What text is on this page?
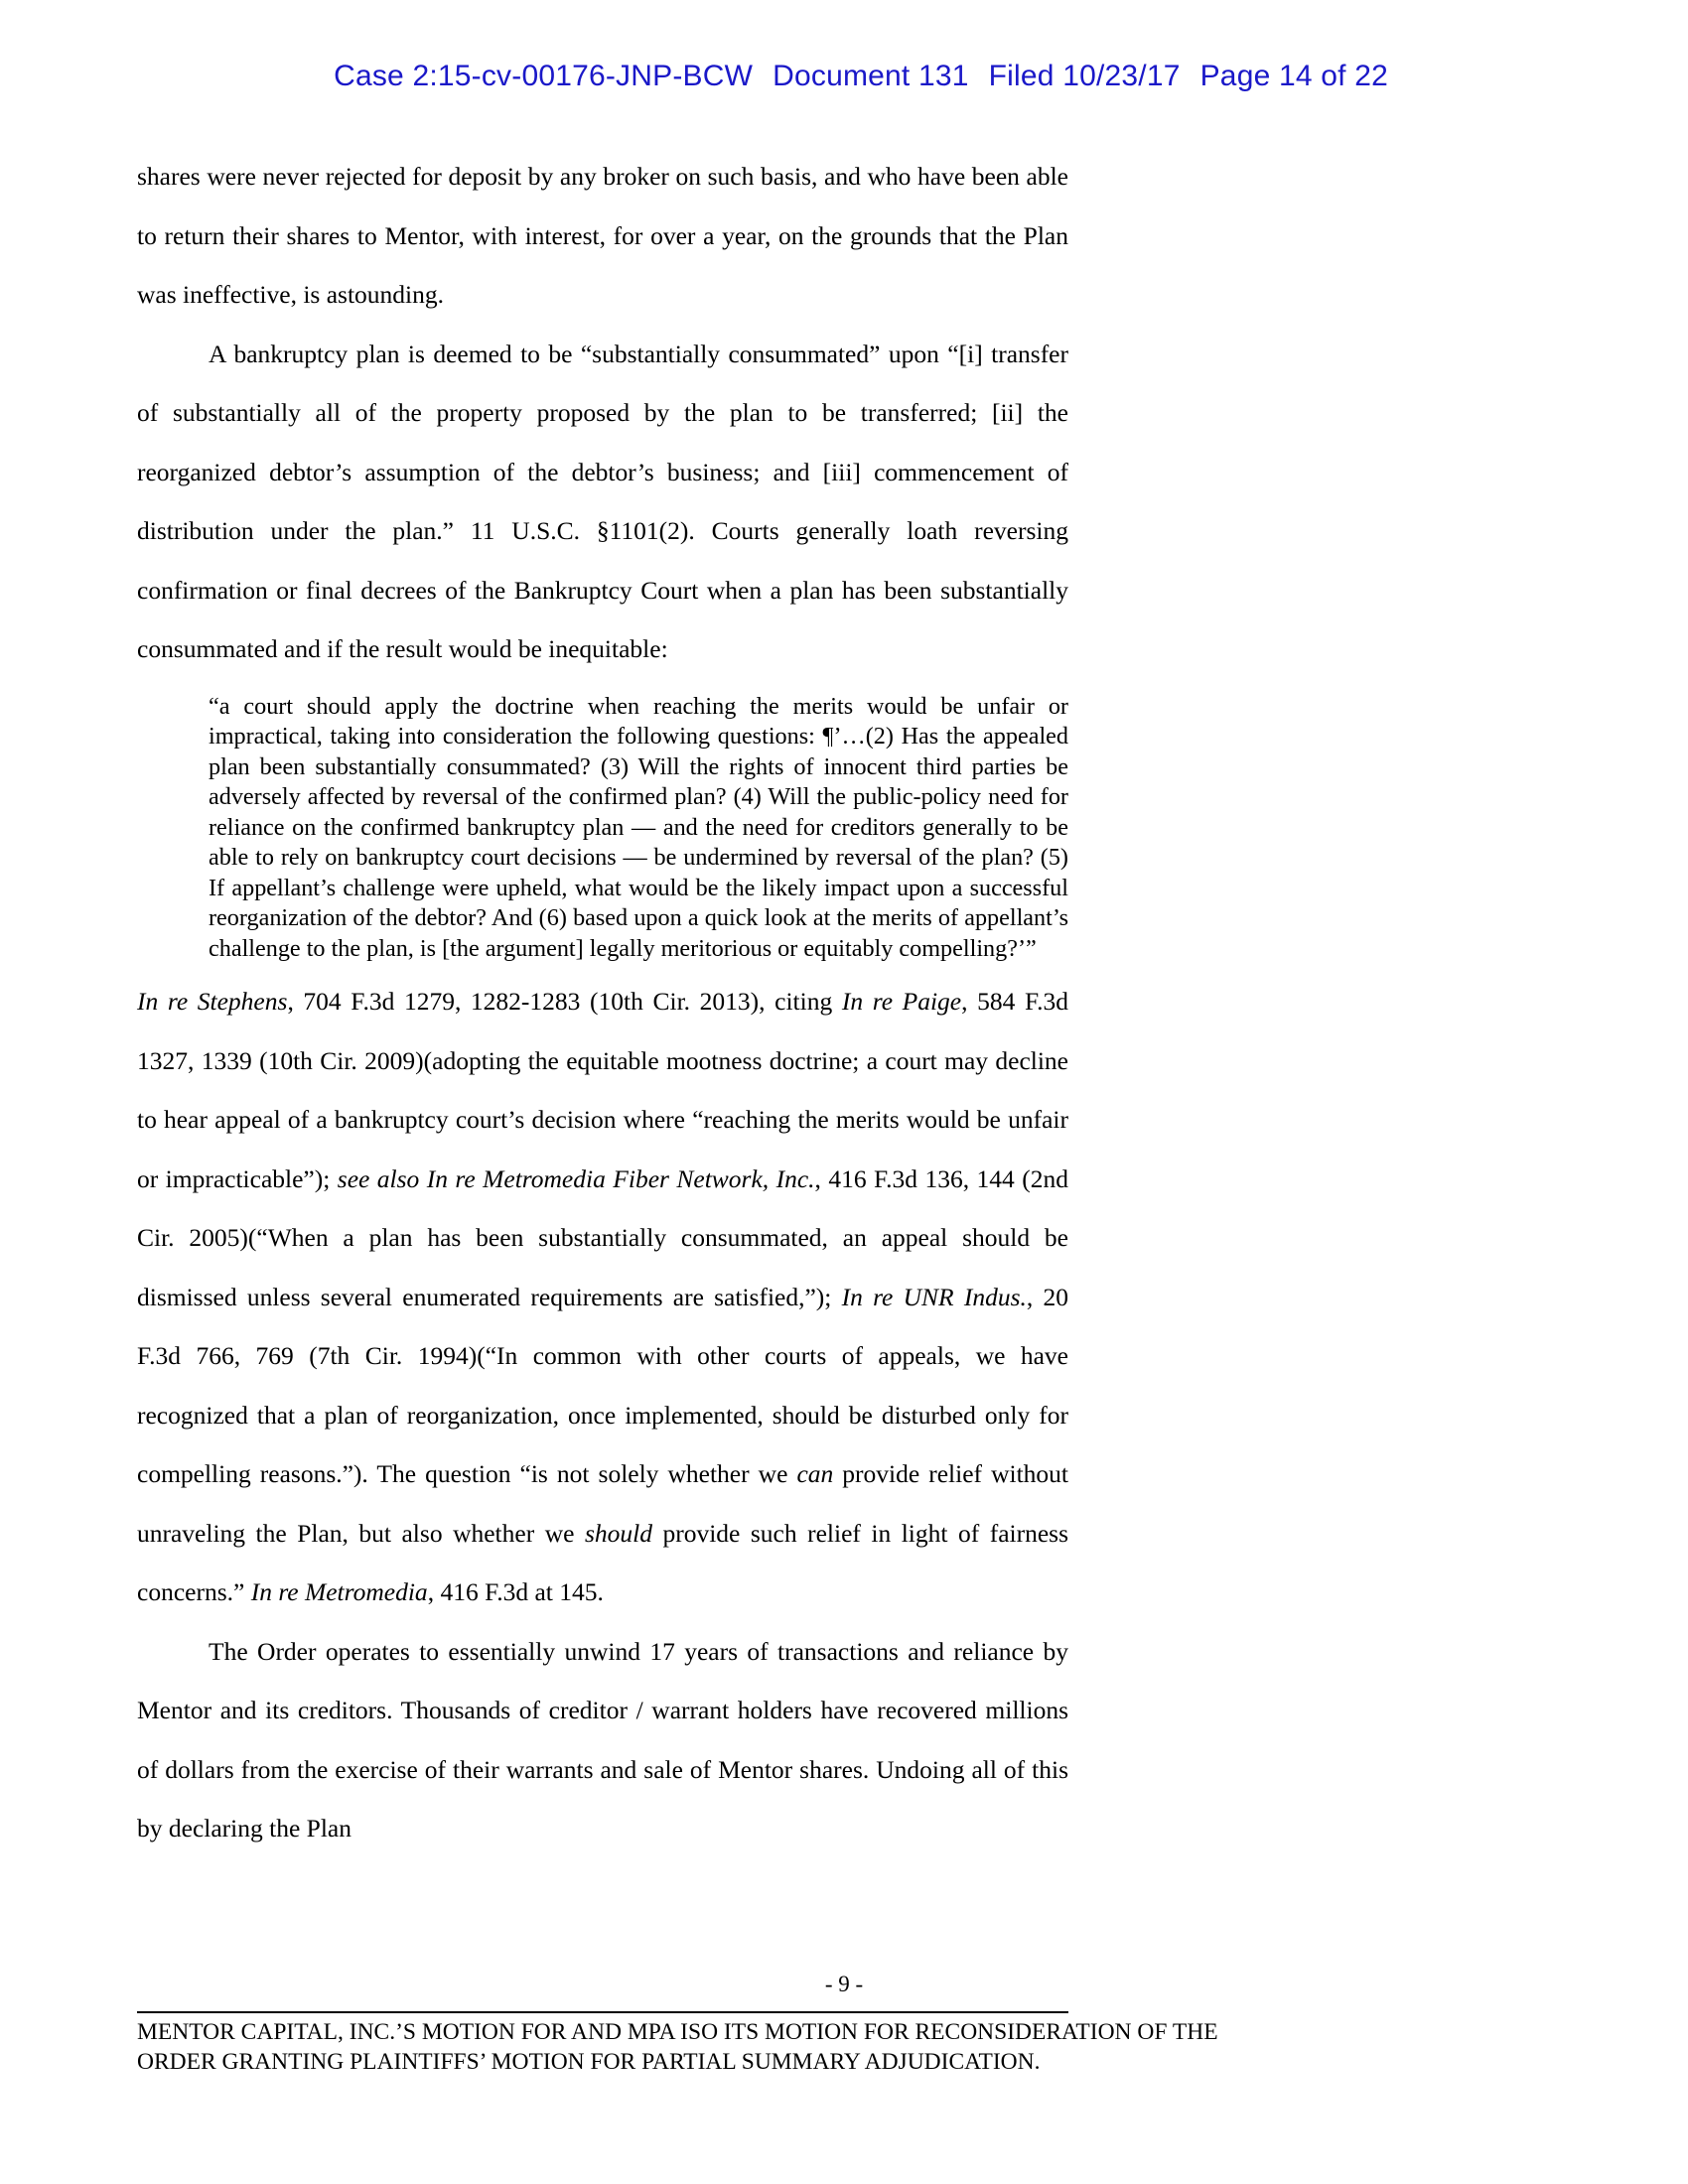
Case 2:15-cv-00176-JNP-BCW Document 131 Filed 10/23/17 Page 14 of 22

shares were never rejected for deposit by any broker on such basis, and who have been able to return their shares to Mentor, with interest, for over a year, on the grounds that the Plan was ineffective, is astounding.

A bankruptcy plan is deemed to be “substantially consummated” upon “[i] transfer of substantially all of the property proposed by the plan to be transferred; [ii] the reorganized debtor’s assumption of the debtor’s business; and [iii] commencement of distribution under the plan.” 11 U.S.C. §1101(2). Courts generally loath reversing confirmation or final decrees of the Bankruptcy Court when a plan has been substantially consummated and if the result would be inequitable:

“a court should apply the doctrine when reaching the merits would be unfair or impractical, taking into consideration the following questions: ¶’…(2) Has the appealed plan been substantially consummated? (3) Will the rights of innocent third parties be adversely affected by reversal of the confirmed plan? (4) Will the public-policy need for reliance on the confirmed bankruptcy plan — and the need for creditors generally to be able to rely on bankruptcy court decisions — be undermined by reversal of the plan? (5) If appellant’s challenge were upheld, what would be the likely impact upon a successful reorganization of the debtor? And (6) based upon a quick look at the merits of appellant’s challenge to the plan, is [the argument] legally meritorious or equitably compelling?’”

In re Stephens, 704 F.3d 1279, 1282-1283 (10th Cir. 2013), citing In re Paige, 584 F.3d 1327, 1339 (10th Cir. 2009)(adopting the equitable mootness doctrine; a court may decline to hear appeal of a bankruptcy court’s decision where “reaching the merits would be unfair or impracticable”); see also In re Metromedia Fiber Network, Inc., 416 F.3d 136, 144 (2nd Cir. 2005)(“When a plan has been substantially consummated, an appeal should be dismissed unless several enumerated requirements are satisfied,”); In re UNR Indus., 20 F.3d 766, 769 (7th Cir. 1994)(“In common with other courts of appeals, we have recognized that a plan of reorganization, once implemented, should be disturbed only for compelling reasons.”). The question “is not solely whether we can provide relief without unraveling the Plan, but also whether we should provide such relief in light of fairness concerns.” In re Metromedia, 416 F.3d at 145.

The Order operates to essentially unwind 17 years of transactions and reliance by Mentor and its creditors. Thousands of creditor / warrant holders have recovered millions of dollars from the exercise of their warrants and sale of Mentor shares. Undoing all of this by declaring the Plan

- 9 -
MENTOR CAPITAL, INC.’S MOTION FOR AND MPA ISO ITS MOTION FOR RECONSIDERATION OF THE
ORDER GRANTING PLAINTIFFS’ MOTION FOR PARTIAL SUMMARY ADJUDICATION.
